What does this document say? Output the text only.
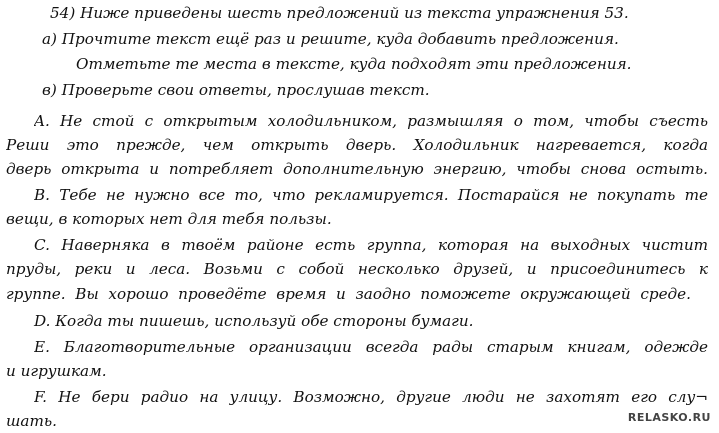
54) Ниже приведены шесть предложений из текста упражнения 53.
а) Прочтите текст ещё раз и решите, куда добавить предложения.
Отметьте те места в тексте, куда подходят эти предложения.
в) Проверьте свои ответы, прослушав текст.
A. Не стой с открытым холодильником, размышляя о том, чтобы съесть
Реши это прежде, чем открыть дверь. Холодильник нагревается, когда
дверь открыта и потребляет дополнительную энергию, чтобы снова остыть.
B. Тебе не нужно все то, что рекламируется. Постарайся не покупать те
вещи, в которых нет для тебя пользы.
C. Наверняка в твоём районе есть группа, которая на выходных чистит
пруды, реки и леса. Возьми с собой несколько друзей, и присоединитесь к
группе. Вы хорошо проведёте время и заодно поможете окружающей среде.
D. Когда ты пишешь, используй обе стороны бумаги.
E. Благотворительные организации всегда рады старым книгам, одежде
и игрушкам.
F. Не бери радио на улицу. Возможно, другие люди не захотят его слу¬
шать.	RELASKO.RU
